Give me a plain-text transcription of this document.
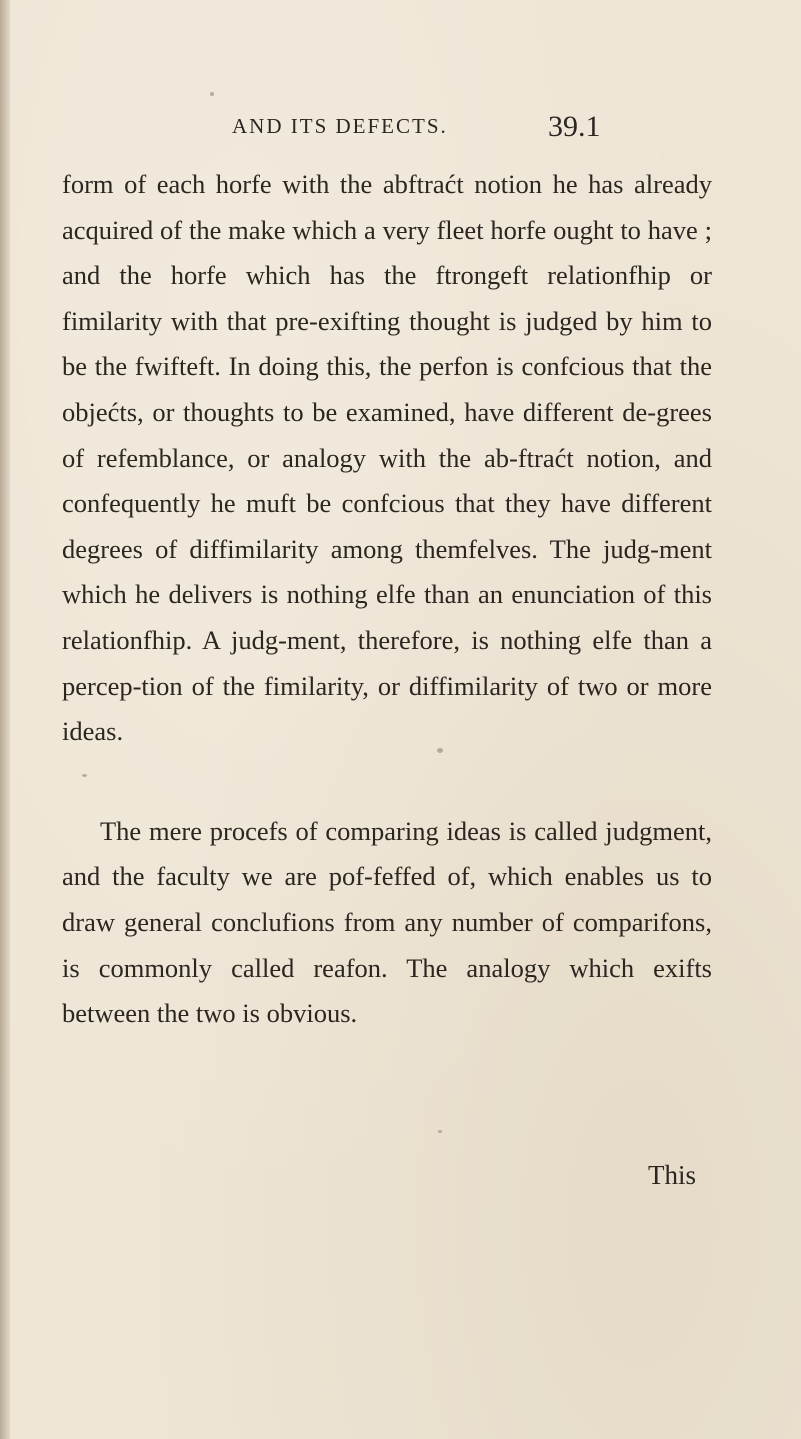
AND ITS DEFECTS.	39.1

form of each horfe with the abftraćt notion he has already acquired of the make which a very fleet horfe ought to have ; and the horfe which has the ftrongeft relationfhip or fimilarity with that pre-exifting thought is judged by him to be the fwifteft. In doing this, the perfon is confcious that the objećts, or thoughts to be examined, have different de-grees of refemblance, or analogy with the ab-ftraćt notion, and confequently he muft be confcious that they have different degrees of diffimilarity among themfelves. The judg-ment which he delivers is nothing elfe than an enunciation of this relationfhip. A judg-ment, therefore, is nothing elfe than a percep-tion of the fimilarity, or diffimilarity of two or more ideas.

The mere procefs of comparing ideas is called judgment, and the faculty we are pof-feffed of, which enables us to draw general conclufions from any number of comparifons, is commonly called reafon. The analogy which exifts between the two is obvious.

This
